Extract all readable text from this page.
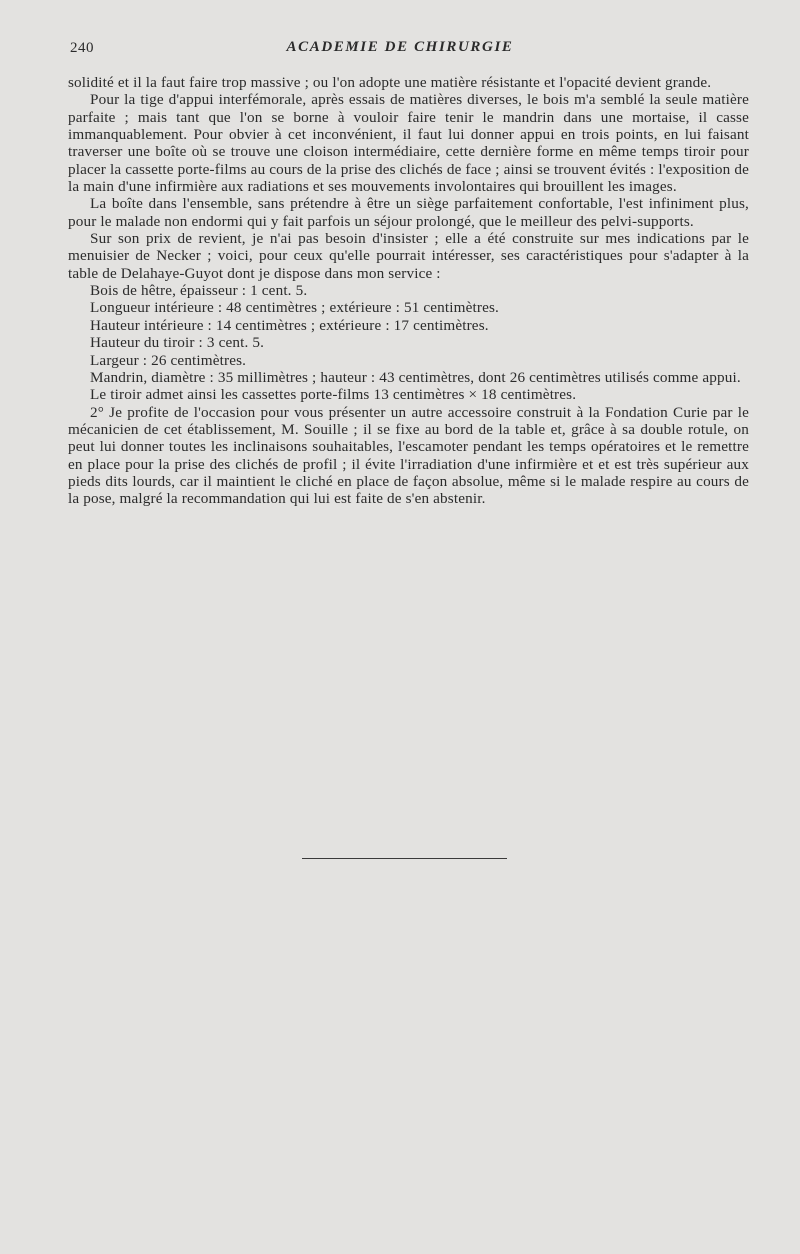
240	ACADEMIE DE CHIRURGIE

solidité et il la faut faire trop massive ; ou l'on adopte une matière résistante et l'opacité devient grande.

Pour la tige d'appui interfémorale, après essais de matières diverses, le bois m'a semblé la seule matière parfaite ; mais tant que l'on se borne à vouloir faire tenir le mandrin dans une mortaise, il casse immanquablement. Pour obvier à cet inconvénient, il faut lui donner appui en trois points, en lui faisant traverser une boîte où se trouve une cloison intermédiaire, cette dernière forme en même temps tiroir pour placer la cassette porte-films au cours de la prise des clichés de face ; ainsi se trouvent évités : l'exposition de la main d'une infirmière aux radiations et ses mouvements involontaires qui brouillent les images.

La boîte dans l'ensemble, sans prétendre à être un siège parfaitement confortable, l'est infiniment plus, pour le malade non endormi qui y fait parfois un séjour prolongé, que le meilleur des pelvi-supports.

Sur son prix de revient, je n'ai pas besoin d'insister ; elle a été construite sur mes indications par le menuisier de Necker ; voici, pour ceux qu'elle pourrait intéresser, ses caractéristiques pour s'adapter à la table de Delahaye-Guyot dont je dispose dans mon service :

Bois de hêtre, épaisseur : 1 cent. 5.

Longueur intérieure : 48 centimètres ; extérieure : 51 centimètres.

Hauteur intérieure : 14 centimètres ; extérieure : 17 centimètres.

Hauteur du tiroir : 3 cent. 5.

Largeur : 26 centimètres.

Mandrin, diamètre : 35 millimètres ; hauteur : 43 centimètres, dont 26 centimètres utilisés comme appui.

Le tiroir admet ainsi les cassettes porte-films 13 centimètres × 18 centimètres.

2° Je profite de l'occasion pour vous présenter un autre accessoire construit à la Fondation Curie par le mécanicien de cet établissement, M. Souille ; il se fixe au bord de la table et, grâce à sa double rotule, on peut lui donner toutes les inclinaisons souhaitables, l'escamoter pendant les temps opératoires et le remettre en place pour la prise des clichés de profil ; il évite l'irradiation d'une infirmière et et est très supérieur aux pieds dits lourds, car il maintient le cliché en place de façon absolue, même si le malade respire au cours de la pose, malgré la recommandation qui lui est faite de s'en abstenir.
